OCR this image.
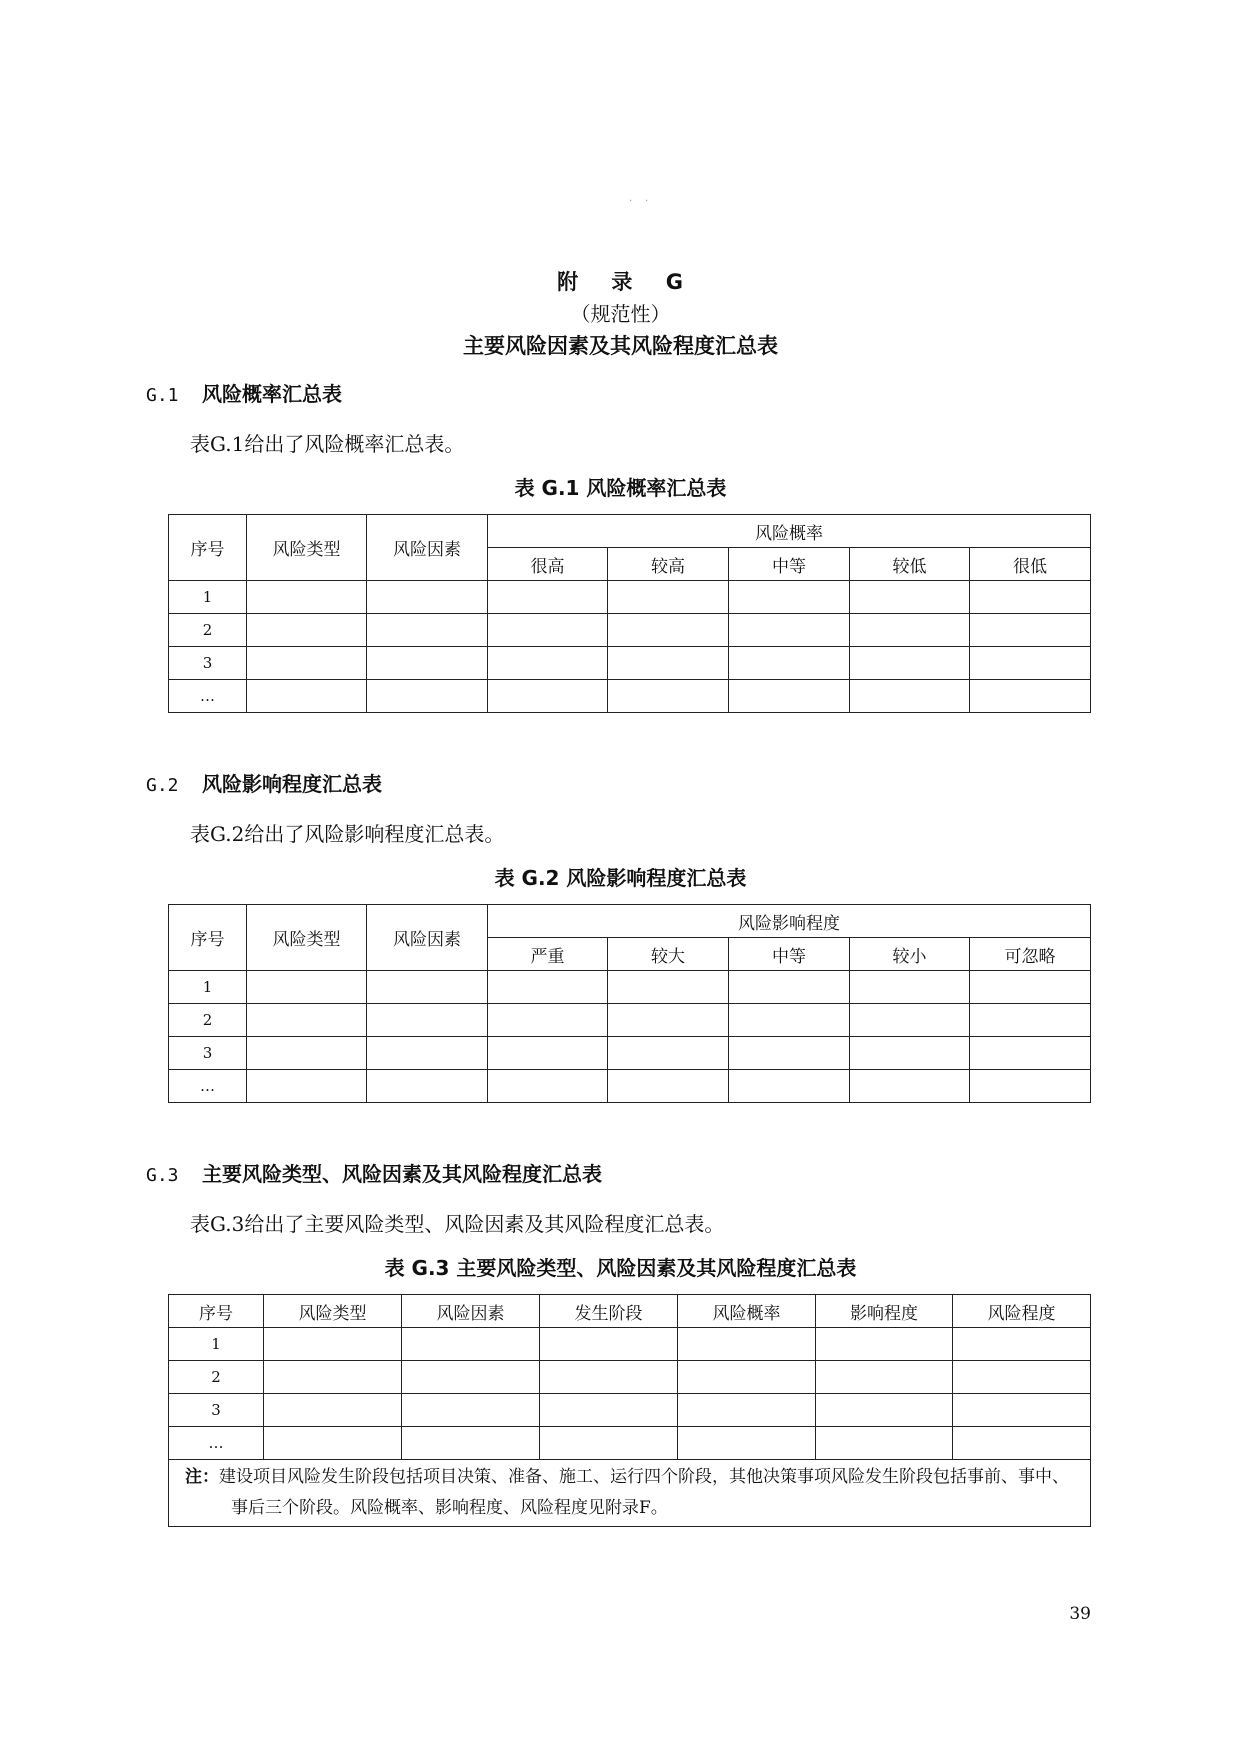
· ·
附 录 G
（规范性）
主要风险因素及其风险程度汇总表
G.1 风险概率汇总表
表G.1给出了风险概率汇总表。
表 G.1 风险概率汇总表
序号	风险类型	风险因素	风险概率				
			很高	较高	中等	较低	很低
1							
2							
3							
…							
G.2 风险影响程度汇总表
表G.2给出了风险影响程度汇总表。
表 G.2 风险影响程度汇总表
序号	风险类型	风险因素	风险影响程度				
			严重	较大	中等	较小	可忽略
1							
2							
3							
…							
G.3 主要风险类型、风险因素及其风险程度汇总表
表G.3给出了主要风险类型、风险因素及其风险程度汇总表。
表 G.3 主要风险类型、风险因素及其风险程度汇总表
序号	风险类型	风险因素	发生阶段	风险概率	影响程度	风险程度
1						
2						
3						
…						
注：建设项目风险发生阶段包括项目决策、准备、施工、运行四个阶段，其他决策事项风险发生阶段包括事前、事中、事后三个阶段。风险概率、影响程度、风险程度见附录F。						
39
